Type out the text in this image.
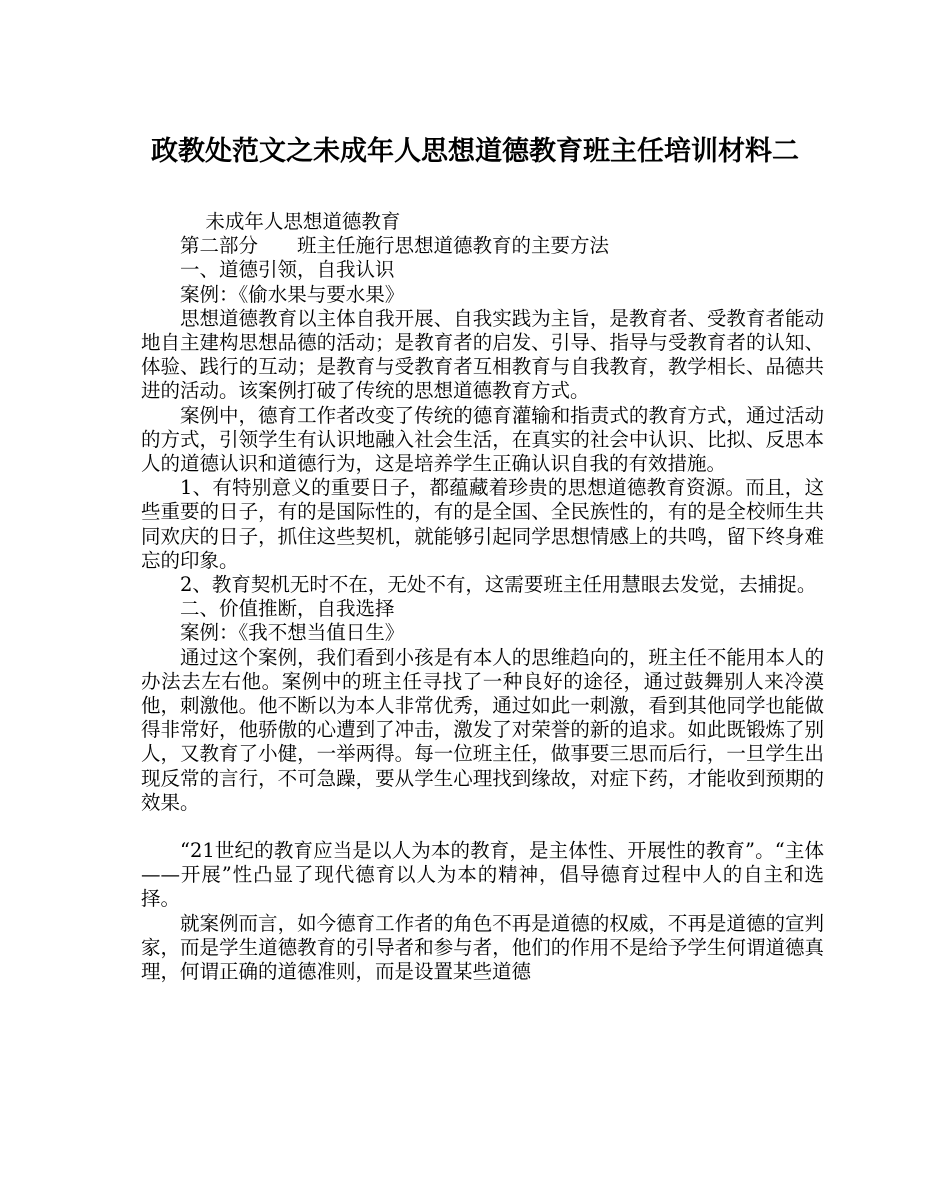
政教处范文之未成年人思想道德教育班主任培训材料二

未成年人思想道德教育

第二部分　　班主任施行思想道德教育的主要方法

一、道德引领，自我认识

案例：《偷水果与要水果》

思想道德教育以主体自我开展、自我实践为主旨，是教育者、受教育者能动地自主建构思想品德的活动；是教育者的启发、引导、指导与受教育者的认知、体验、践行的互动；是教育与受教育者互相教育与自我教育，教学相长、品德共进的活动。该案例打破了传统的思想道德教育方式。

案例中，德育工作者改变了传统的德育灌输和指责式的教育方式，通过活动的方式，引领学生有认识地融入社会生活，在真实的社会中认识、比拟、反思本人的道德认识和道德行为，这是培养学生正确认识自我的有效措施。

1、有特别意义的重要日子，都蕴藏着珍贵的思想道德教育资源。而且，这些重要的日子，有的是国际性的，有的是全国、全民族性的，有的是全校师生共同欢庆的日子，抓住这些契机，就能够引起同学思想情感上的共鸣，留下终身难忘的印象。

2、教育契机无时不在，无处不有，这需要班主任用慧眼去发觉，去捕捉。

二、价值推断，自我选择

案例：《我不想当值日生》

通过这个案例，我们看到小孩是有本人的思维趋向的，班主任不能用本人的办法去左右他。案例中的班主任寻找了一种良好的途径，通过鼓舞别人来冷漠他，刺激他。他不断以为本人非常优秀，通过如此一刺激，看到其他同学也能做得非常好，他骄傲的心遭到了冲击，激发了对荣誉的新的追求。如此既锻炼了别人，又教育了小健，一举两得。每一位班主任，做事要三思而后行，一旦学生出现反常的言行，不可急躁，要从学生心理找到缘故，对症下药，才能收到预期的效果。

“21世纪的教育应当是以人为本的教育，是主体性、开展性的教育”。“主体——开展”性凸显了现代德育以人为本的精神，倡导德育过程中人的自主和选择。

就案例而言，如今德育工作者的角色不再是道德的权威，不再是道德的宣判家，而是学生道德教育的引导者和参与者，他们的作用不是给予学生何谓道德真理，何谓正确的道德准则，而是设置某些道德
